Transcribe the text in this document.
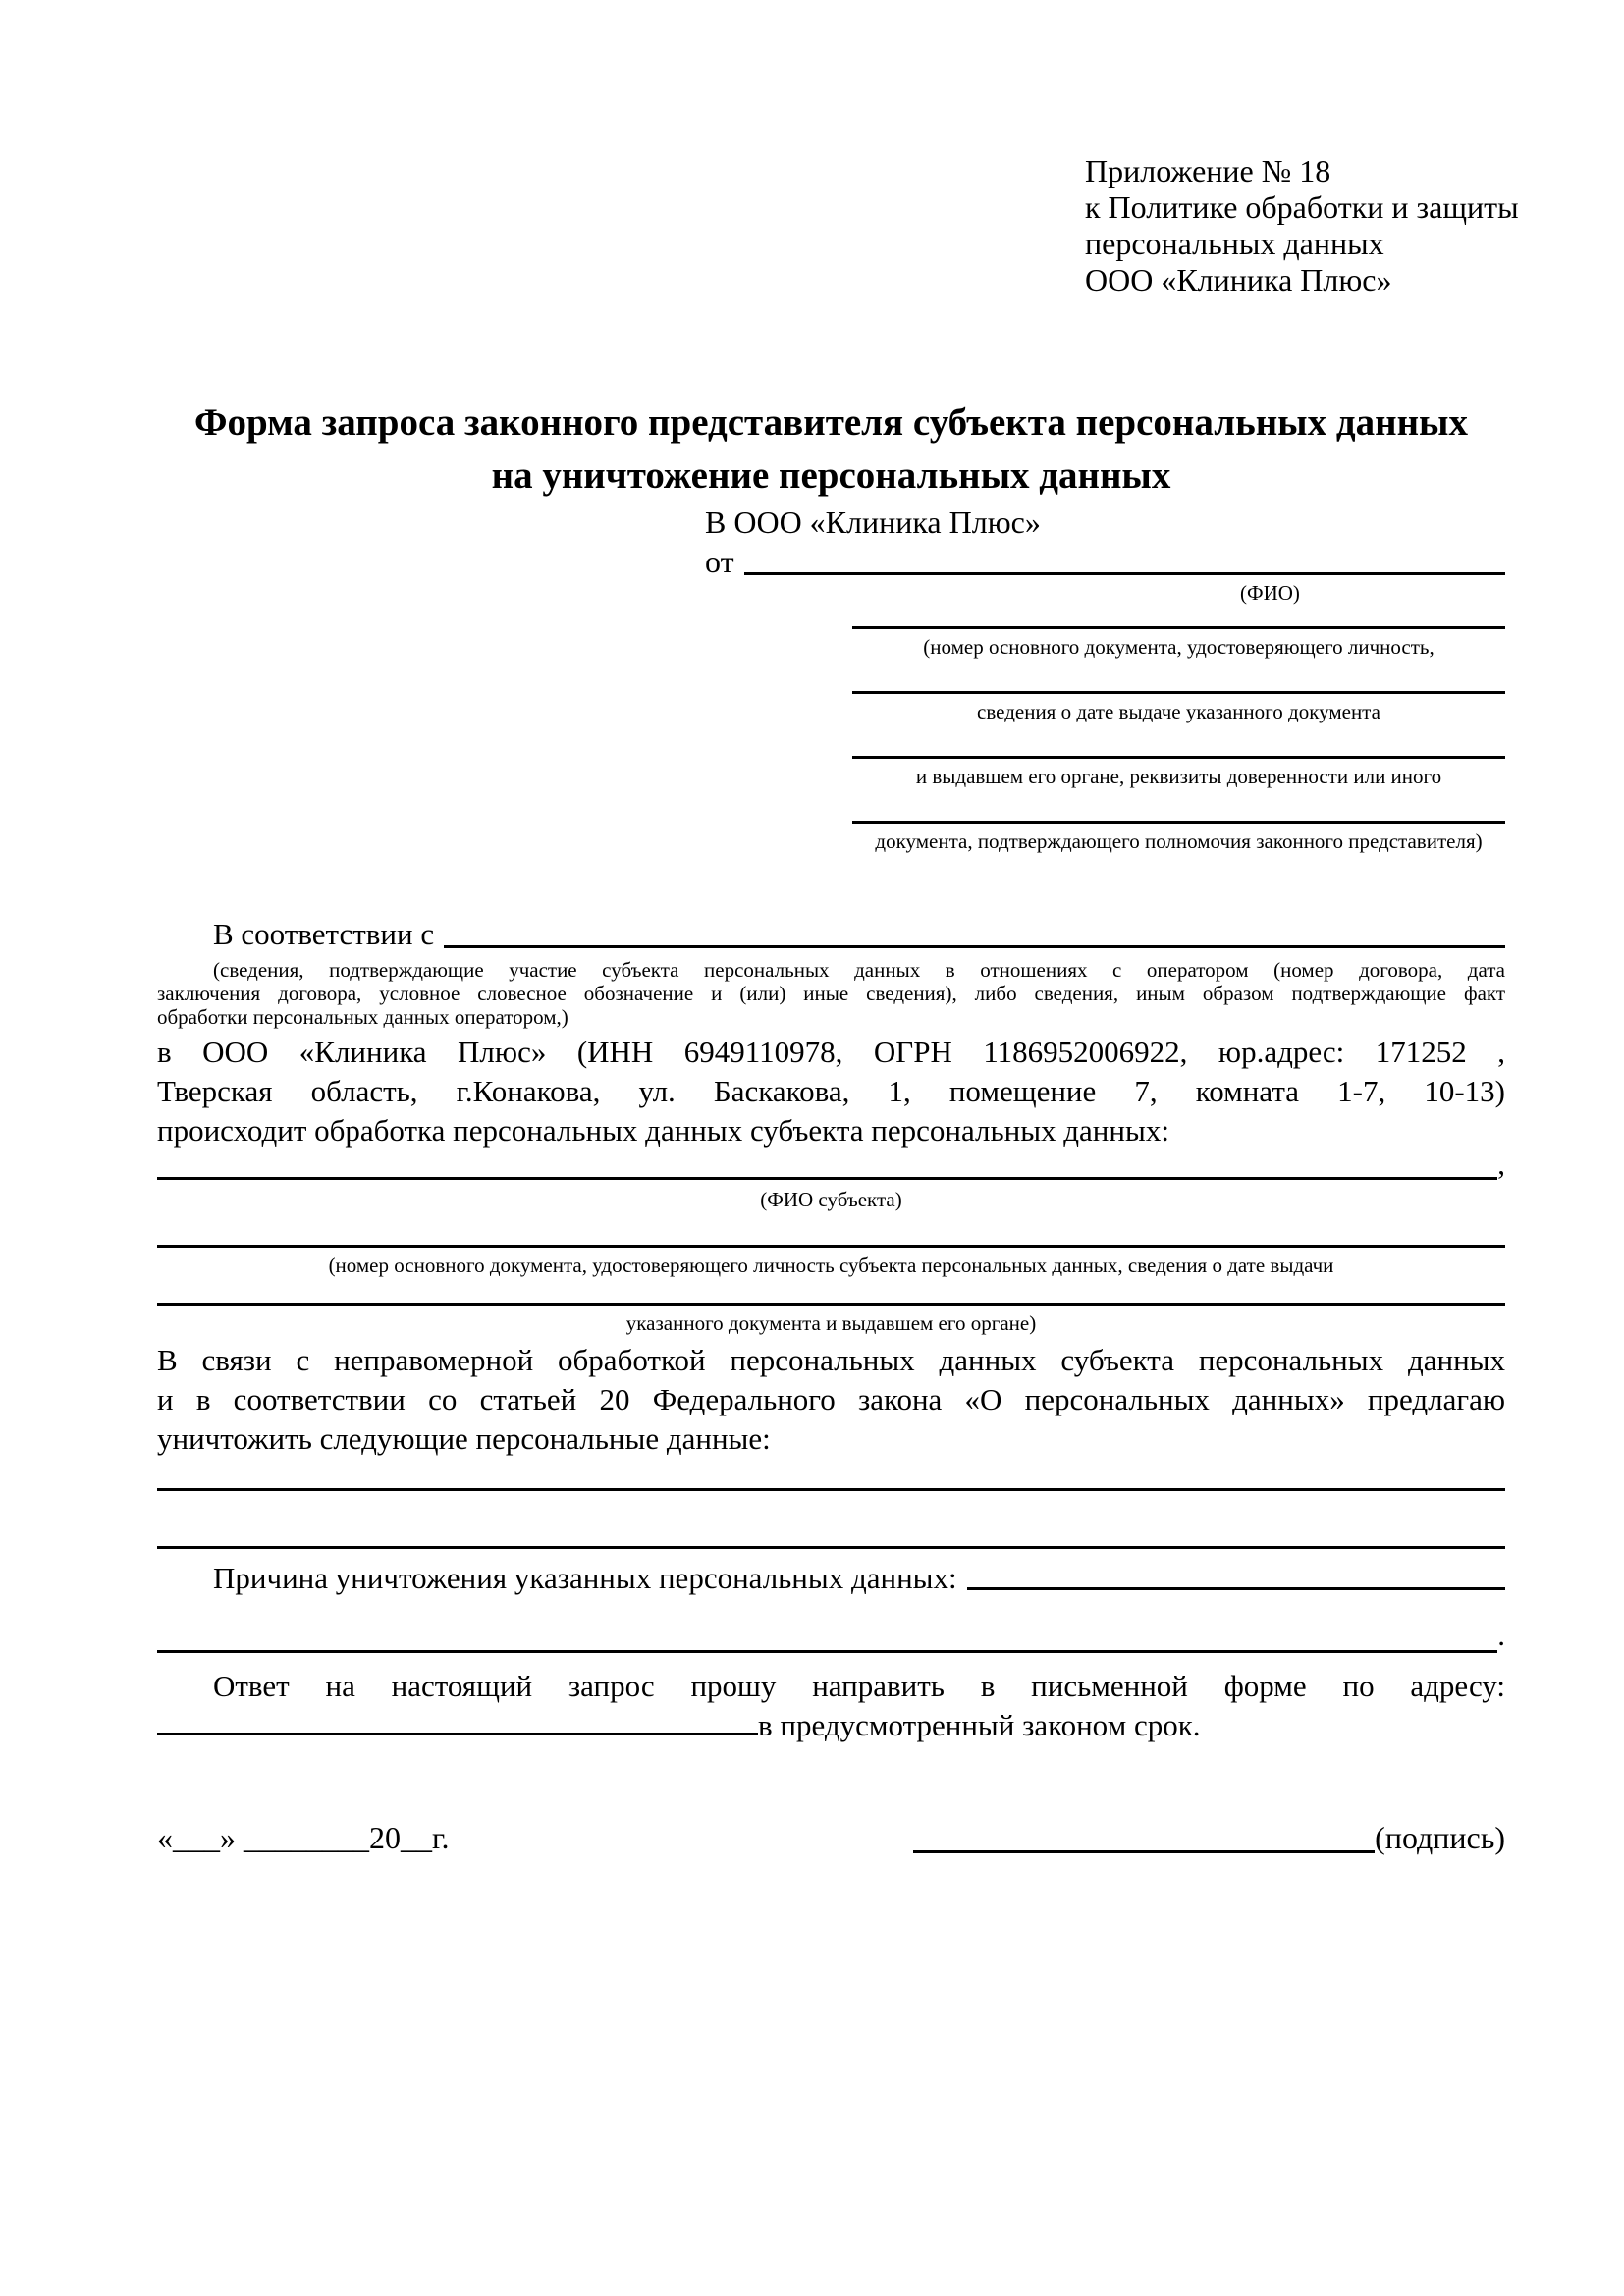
Приложение № 18
к Политике обработки и защиты
персональных данных
ООО «Клиника Плюс»
Форма запроса законного представителя субъекта персональных данных
на уничтожение персональных данных
В ООО «Клиника Плюс»
от
(ФИО)
(номер основного документа, удостоверяющего личность,
сведения о дате выдаче указанного документа
и выдавшем его органе, реквизиты доверенности или иного
документа, подтверждающего полномочия законного представителя)
В соответствии с
(сведения, подтверждающие участие субъекта персональных данных в отношениях с оператором (номер договора, дата
заключения договора, условное словесное обозначение и (или) иные сведения), либо сведения, иным образом подтверждающие факт
обработки персональных данных оператором,)
в ООО «Клиника Плюс» (ИНН 6949110978, ОГРН 1186952006922, юр.адрес: 171252 ,
Тверская область, г.Конакова, ул. Баскакова, 1, помещение 7, комната 1-7, 10-13)
происходит обработка персональных данных субъекта персональных данных:
,
(ФИО субъекта)
(номер основного документа, удостоверяющего личность субъекта персональных данных, сведения о дате выдачи
указанного документа и выдавшем его органе)
В связи с неправомерной обработкой персональных данных субъекта персональных данных
и в соответствии со статьей 20 Федерального закона «О персональных данных» предлагаю
уничтожить следующие персональные данные:
Причина уничтожения указанных персональных данных:
.
Ответ на настоящий запрос прошу направить в письменной форме по адресу:
в предусмотренный законом срок.
«___» ________20__г.	(подпись)
